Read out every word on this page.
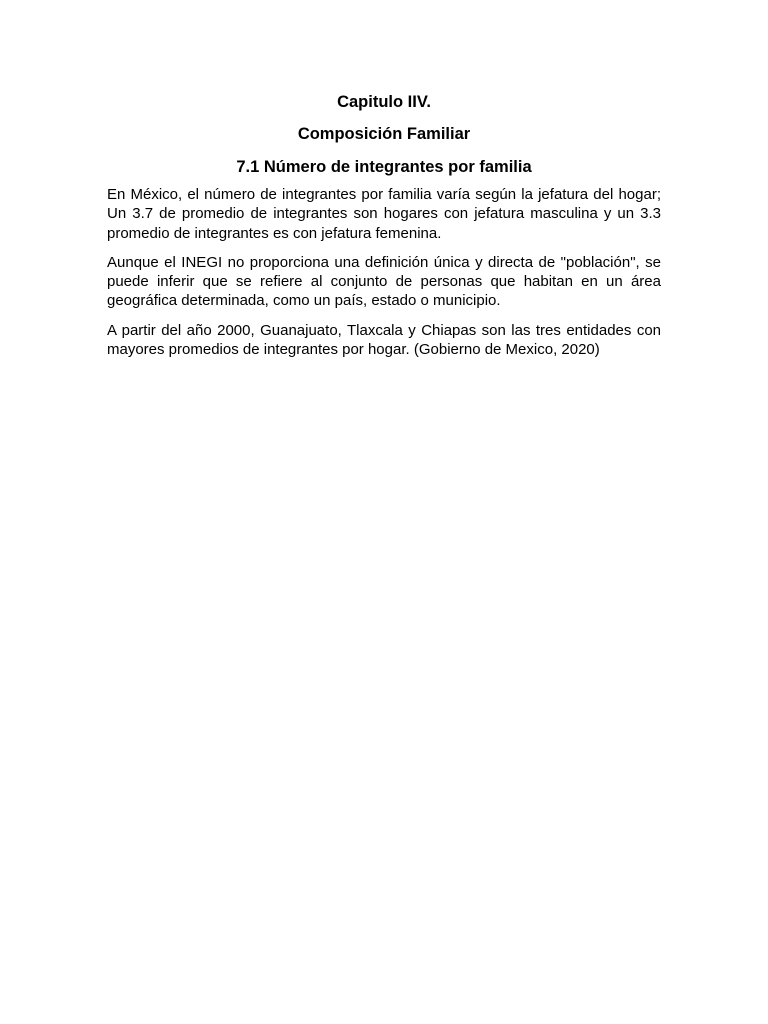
Capitulo IIV.
Composición Familiar
7.1 Número de integrantes por familia

En México, el número de integrantes por familia varía según la jefatura del hogar; Un 3.7 de promedio de integrantes son hogares con jefatura masculina y un 3.3 promedio de integrantes es con jefatura femenina.

Aunque el INEGI no proporciona una definición única y directa de "población", se puede inferir que se refiere al conjunto de personas que habitan en un área geográfica determinada, como un país, estado o municipio.

A partir del año 2000, Guanajuato, Tlaxcala y Chiapas son las tres entidades con mayores promedios de integrantes por hogar. (Gobierno de Mexico, 2020)
